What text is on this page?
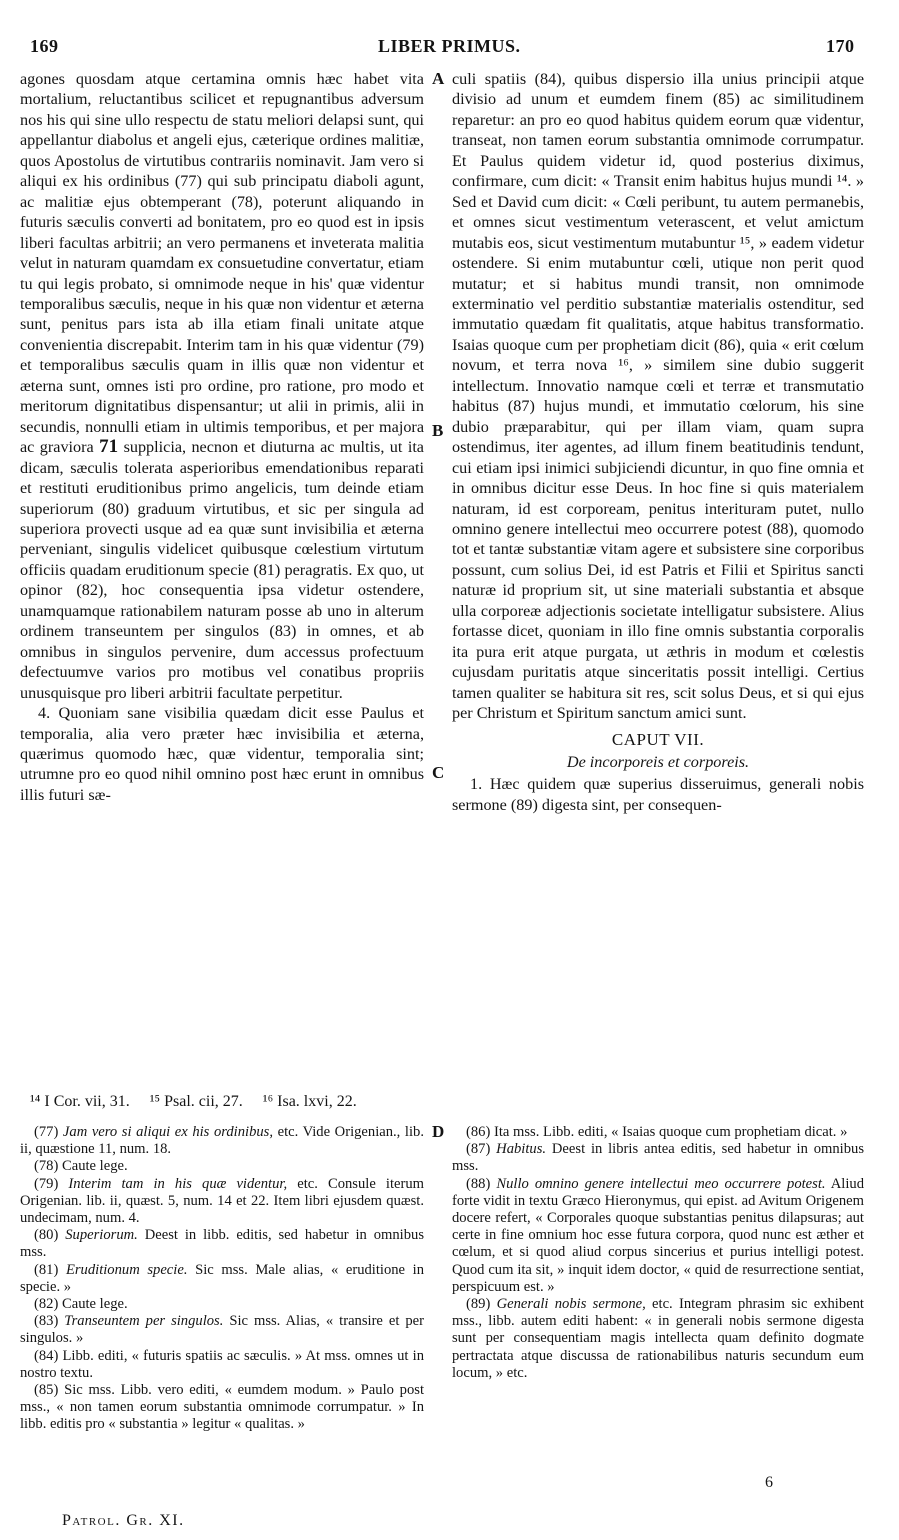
169	LIBER PRIMUS.	170
A
B
C
D

agones quosdam atque certamina omnis hæc habet vita mortalium, reluctantibus scilicet et repugnantibus adversum nos his qui sine ullo respectu de statu meliori delapsi sunt, qui appellantur diabolus et angeli ejus, cæterique ordines malitiæ, quos Apostolus de virtutibus contrariis nominavit. Jam vero si aliqui ex his ordinibus (77) qui sub principatu diaboli agunt, ac malitiæ ejus obtemperant (78), poterunt aliquando in futuris sæculis converti ad bonitatem, pro eo quod est in ipsis liberi facultas arbitrii; an vero permanens et inveterata malitia velut in naturam quamdam ex consuetudine convertatur, etiam tu qui legis probato, si omnimode neque in his' quæ videntur temporalibus sæculis, neque in his quæ non videntur et æterna sunt, penitus pars ista ab illa etiam finali unitate atque convenientia discrepabit. Interim tam in his quæ videntur (79) et temporalibus sæculis quam in illis quæ non videntur et æterna sunt, omnes isti pro ordine, pro ratione, pro modo et meritorum dignitatibus dispensantur; ut alii in primis, alii in secundis, nonnulli etiam in ultimis temporibus, et per majora ac graviora 71 supplicia, necnon et diuturna ac multis, ut ita dicam, sæculis tolerata asperioribus emendationibus reparati et restituti eruditionibus primo angelicis, tum deinde etiam superiorum (80) graduum virtutibus, et sic per singula ad superiora provecti usque ad ea quæ sunt invisibilia et æterna perveniant, singulis videlicet quibusque cœlestium virtutum officiis quadam eruditionum specie (81) peragratis. Ex quo, ut opinor (82), hoc consequentia ipsa videtur ostendere, unamquamque rationabilem naturam posse ab uno in alterum ordinem transeuntem per singulos (83) in omnes, et ab omnibus in singulos pervenire, dum accessus profectuum defectuumve varios pro motibus vel conatibus propriis unusquisque pro liberi arbitrii facultate perpetitur.

4. Quoniam sane visibilia quædam dicit esse Paulus et temporalia, alia vero præter hæc invisibilia et æterna, quærimus quomodo hæc, quæ videntur, temporalia sint; utrumne pro eo quod nihil omnino post hæc erunt in omnibus illis futuri sæ-

culi spatiis (84), quibus dispersio illa unius principii atque divisio ad unum et eumdem finem (85) ac similitudinem reparetur: an pro eo quod habitus quidem eorum quæ videntur, transeat, non tamen eorum substantia omnimode corrumpatur. Et Paulus quidem videtur id, quod posterius diximus, confirmare, cum dicit: « Transit enim habitus hujus mundi ¹⁴. » Sed et David cum dicit: « Cœli peribunt, tu autem permanebis, et omnes sicut vestimentum veterascent, et velut amictum mutabis eos, sicut vestimentum mutabuntur ¹⁵, » eadem videtur ostendere. Si enim mutabuntur cœli, utique non perit quod mutatur; et si habitus mundi transit, non omnimode exterminatio vel perditio substantiæ materialis ostenditur, sed immutatio quædam fit qualitatis, atque habitus transformatio. Isaias quoque cum per prophetiam dicit (86), quia « erit cœlum novum, et terra nova ¹⁶, » similem sine dubio suggerit intellectum. Innovatio namque cœli et terræ et transmutatio habitus (87) hujus mundi, et immutatio cœlorum, his sine dubio præparabitur, qui per illam viam, quam supra ostendimus, iter agentes, ad illum finem beatitudinis tendunt, cui etiam ipsi inimici subjiciendi dicuntur, in quo fine omnia et in omnibus dicitur esse Deus. In hoc fine si quis materialem naturam, id est corpoream, penitus interituram putet, nullo omnino genere intellectui meo occurrere potest (88), quomodo tot et tantæ substantiæ vitam agere et subsistere sine corporibus possunt, cum solius Dei, id est Patris et Filii et Spiritus sancti naturæ id proprium sit, ut sine materiali substantia et absque ulla corporeæ adjectionis societate intelligatur subsistere. Alius fortasse dicet, quoniam in illo fine omnis substantia corporalis ita pura erit atque purgata, ut æthris in modum et cœlestis cujusdam puritatis atque sinceritatis possit intelligi. Certius tamen qualiter se habitura sit res, scit solus Deus, et si qui ejus per Christum et Spiritum sanctum amici sunt.

CAPUT VII.
De incorporeis et corporeis.

1. Hæc quidem quæ superius disseruimus, generali nobis sermone (89) digesta sint, per consequen-

¹⁴ I Cor. vii, 31. ¹⁵ Psal. cii, 27. ¹⁶ Isa. lxvi, 22.
(77) Jam vero si aliqui ex his ordinibus, etc. Vide Origenian., lib. ii, quæstione 11, num. 18.
(78) Caute lege.
(79) Interim tam in his quæ videntur, etc. Consule iterum Origenian. lib. ii, quæst. 5, num. 14 et 22. Item libri ejusdem quæst. undecimam, num. 4.
(80) Superiorum. Deest in libb. editis, sed habetur in omnibus mss.
(81) Eruditionum specie. Sic mss. Male alias, « eruditione in specie. »
(82) Caute lege.
(83) Transeuntem per singulos. Sic mss. Alias, « transire et per singulos. »
(84) Libb. editi, « futuris spatiis ac sæculis. » At mss. omnes ut in nostro textu.
(85) Sic mss. Libb. vero editi, « eumdem modum. » Paulo post mss., « non tamen eorum substantia omnimode corrumpatur. » In libb. editis pro « substantia » legitur « qualitas. »
(86) Ita mss. Libb. editi, « Isaias quoque cum prophetiam dicat. »
(87) Habitus. Deest in libris antea editis, sed habetur in omnibus mss.
(88) Nullo omnino genere intellectui meo occurrere potest. Aliud forte vidit in textu Græco Hieronymus, qui epist. ad Avitum Origenem docere refert, « Corporales quoque substantias penitus dilapsuras; aut certe in fine omnium hoc esse futura corpora, quod nunc est æther et cœlum, et si quod aliud corpus sincerius et purius intelligi potest. Quod cum ita sit, » inquit idem doctor, « quid de resurrectione sentiat, perspicuum est. »
(89) Generali nobis sermone, etc. Integram phrasim sic exhibent mss., libb. autem editi habent: « in generali nobis sermone digesta sunt per consequentiam magis intellecta quam definito dogmate pertractata atque discussa de rationabilibus naturis secundum eum locum, » etc.
Patrol. Gr. XI.
6
